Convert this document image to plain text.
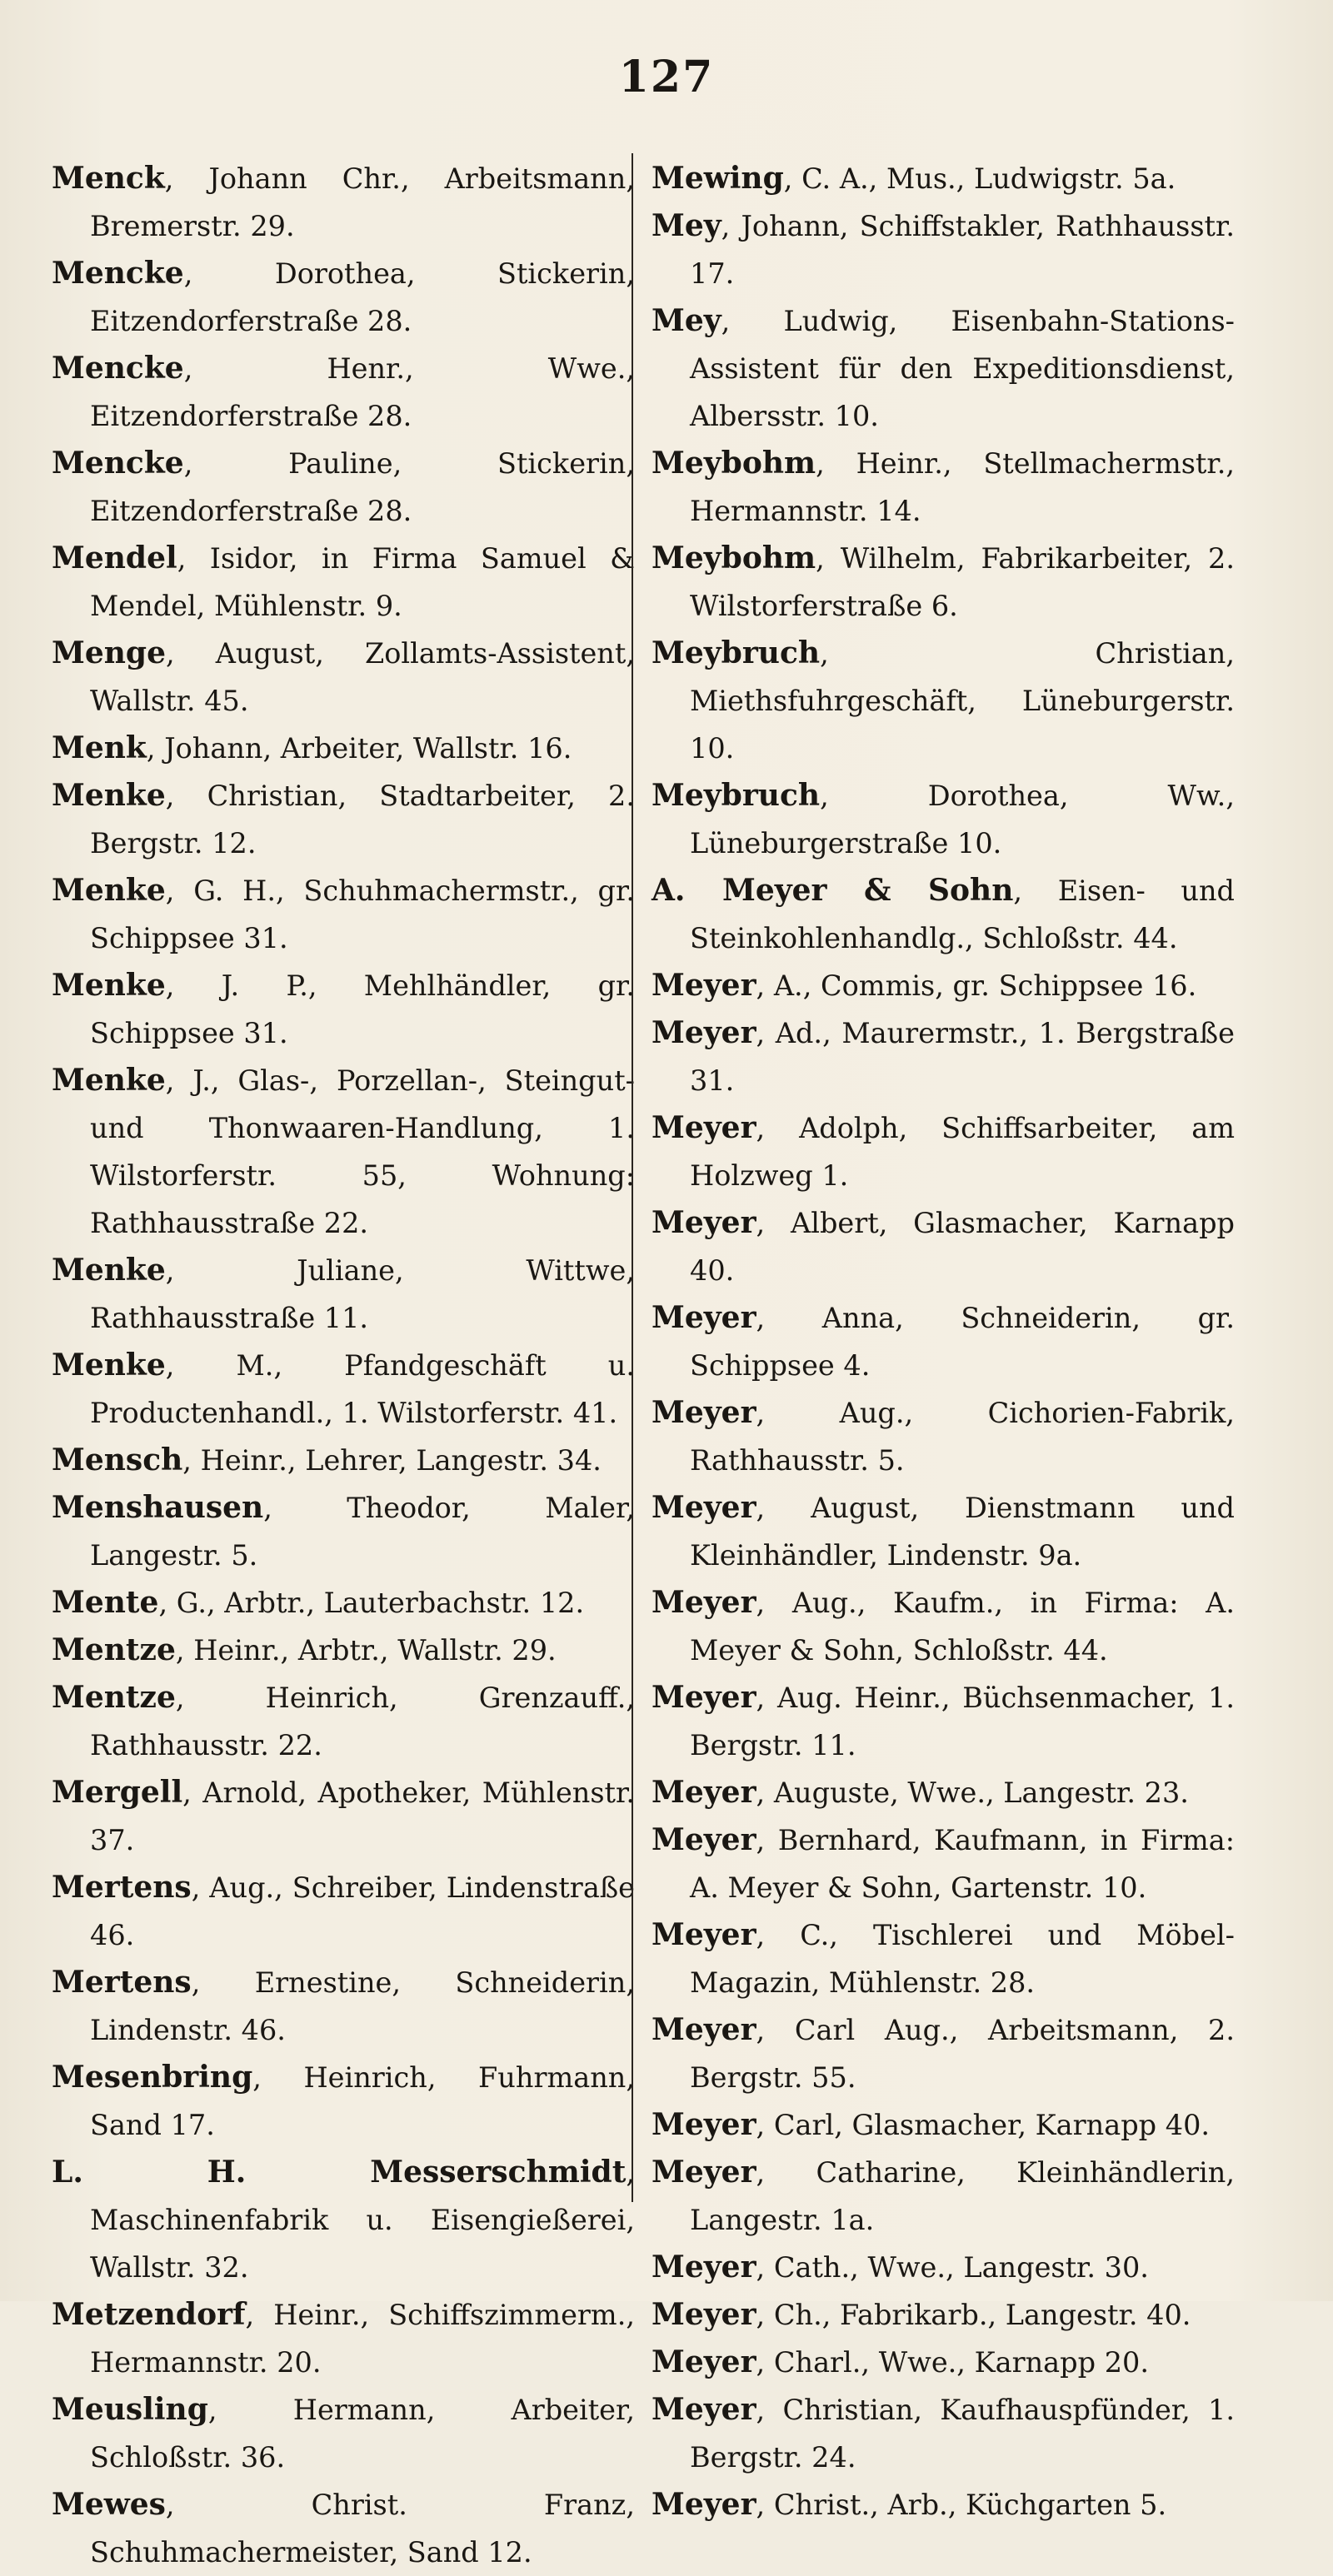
127

Menck, Johann Chr., Arbeitsmann, Bremerstr. 29.

Mencke, Dorothea, Stickerin, Eitzendorferstraße 28.

Mencke, Henr., Wwe., Eitzendorferstraße 28.

Mencke, Pauline, Stickerin, Eitzendorferstraße 28.

Mendel, Isidor, in Firma Samuel & Mendel, Mühlenstr. 9.

Menge, August, Zollamts-Assistent, Wallstr. 45.

Menk, Johann, Arbeiter, Wallstr. 16.

Menke, Christian, Stadtarbeiter, 2. Bergstr. 12.

Menke, G. H., Schuhmachermstr., gr. Schippsee 31.

Menke, J. P., Mehlhändler, gr. Schippsee 31.

Menke, J., Glas-, Porzellan-, Steingut- und Thonwaaren-Handlung, 1. Wilstorferstr. 55, Wohnung: Rathhausstraße 22.

Menke, Juliane, Wittwe, Rathhausstraße 11.

Menke, M., Pfandgeschäft u. Productenhandl., 1. Wilstorferstr. 41.

Mensch, Heinr., Lehrer, Langestr. 34.

Menshausen, Theodor, Maler, Langestr. 5.

Mente, G., Arbtr., Lauterbachstr. 12.

Mentze, Heinr., Arbtr., Wallstr. 29.

Mentze, Heinrich, Grenzauff., Rathhausstr. 22.

Mergell, Arnold, Apotheker, Mühlenstr. 37.

Mertens, Aug., Schreiber, Lindenstraße 46.

Mertens, Ernestine, Schneiderin, Lindenstr. 46.

Mesenbring, Heinrich, Fuhrmann, Sand 17.

L. H. Messerschmidt, Maschinenfabrik u. Eisengießerei, Wallstr. 32.

Metzendorf, Heinr., Schiffszimmerm., Hermannstr. 20.

Meusling, Hermann, Arbeiter, Schloßstr. 36.

Mewes, Christ. Franz, Schuhmachermeister, Sand 12.

Mewing, C. A., Mus., Ludwigstr. 5a.

Mey, Johann, Schiffstakler, Rathhausstr. 17.

Mey, Ludwig, Eisenbahn-Stations-Assistent für den Expeditionsdienst, Albersstr. 10.

Meybohm, Heinr., Stellmachermstr., Hermannstr. 14.

Meybohm, Wilhelm, Fabrikarbeiter, 2. Wilstorferstraße 6.

Meybruch, Christian, Miethsfuhrgeschäft, Lüneburgerstr. 10.

Meybruch, Dorothea, Ww., Lüneburgerstraße 10.

A. Meyer & Sohn, Eisen- und Steinkohlenhandlg., Schloßstr. 44.

Meyer, A., Commis, gr. Schippsee 16.

Meyer, Ad., Maurermstr., 1. Bergstraße 31.

Meyer, Adolph, Schiffsarbeiter, am Holzweg 1.

Meyer, Albert, Glasmacher, Karnapp 40.

Meyer, Anna, Schneiderin, gr. Schippsee 4.

Meyer, Aug., Cichorien-Fabrik, Rathhausstr. 5.

Meyer, August, Dienstmann und Kleinhändler, Lindenstr. 9a.

Meyer, Aug., Kaufm., in Firma: A. Meyer & Sohn, Schloßstr. 44.

Meyer, Aug. Heinr., Büchsenmacher, 1. Bergstr. 11.

Meyer, Auguste, Wwe., Langestr. 23.

Meyer, Bernhard, Kaufmann, in Firma: A. Meyer & Sohn, Gartenstr. 10.

Meyer, C., Tischlerei und Möbel-Magazin, Mühlenstr. 28.

Meyer, Carl Aug., Arbeitsmann, 2. Bergstr. 55.

Meyer, Carl, Glasmacher, Karnapp 40.

Meyer, Catharine, Kleinhändlerin, Langestr. 1a.

Meyer, Cath., Wwe., Langestr. 30.

Meyer, Ch., Fabrikarb., Langestr. 40.

Meyer, Charl., Wwe., Karnapp 20.

Meyer, Christian, Kaufhauspfünder, 1. Bergstr. 24.

Meyer, Christ., Arb., Küchgarten 5.
